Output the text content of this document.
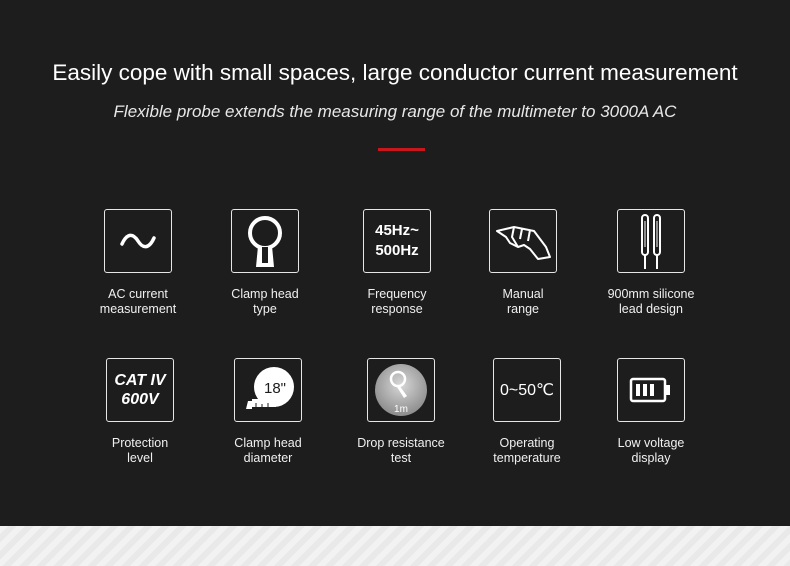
Easily cope with small spaces, large conductor current measurement
Flexible probe extends the measuring range of the multimeter to 3000A AC
AC current
measurement
Clamp head
type
45Hz~
500Hz
Frequency
response
Manual
range
900mm silicone
lead design
CAT IV
600V
Protection
level
18"
Clamp head
diameter
1m
Drop resistance
test
0~50℃
Operating
temperature
Low voltage
display
